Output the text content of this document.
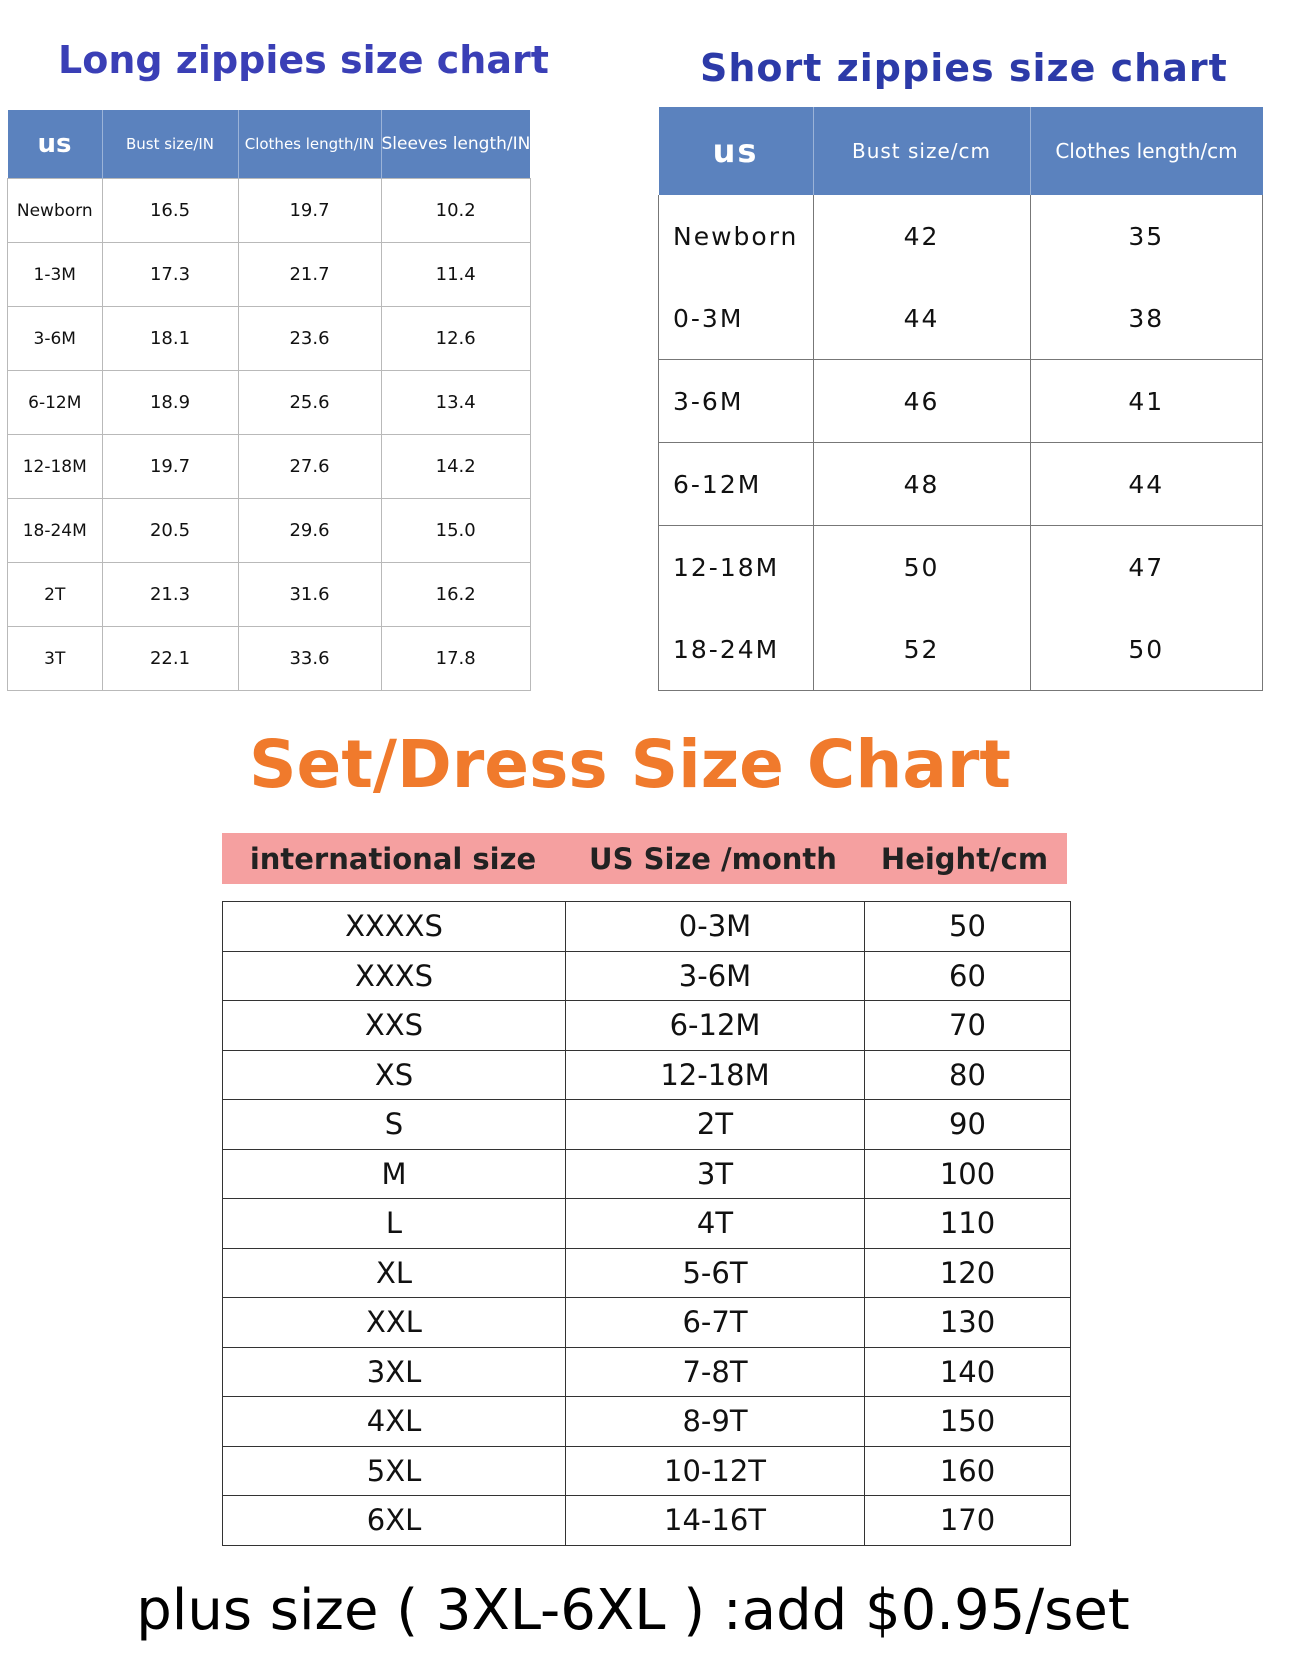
Long zippies size chart	Short zippies size chart
us	Bust size/IN	Clothes length/IN	Sleeves length/IN
Newborn	16.5	19.7	10.2
1-3M	17.3	21.7	11.4
3-6M	18.1	23.6	12.6
6-12M	18.9	25.6	13.4
12-18M	19.7	27.6	14.2
18-24M	20.5	29.6	15.0
2T	21.3	31.6	16.2
3T	22.1	33.6	17.8
us	Bust size/cm	Clothes length/cm
Newborn	42	35
0-3M	44	38
3-6M	46	41
6-12M	48	44
12-18M	50	47
18-24M	52	50
Set/Dress Size Chart
international size	US Size /month	Height/cm
XXXXS	0-3M	50
XXXS	3-6M	60
XXS	6-12M	70
XS	12-18M	80
S	2T	90
M	3T	100
L	4T	110
XL	5-6T	120
XXL	6-7T	130
3XL	7-8T	140
4XL	8-9T	150
5XL	10-12T	160
6XL	14-16T	170
plus size ( 3XL-6XL ) :add $0.95/set
